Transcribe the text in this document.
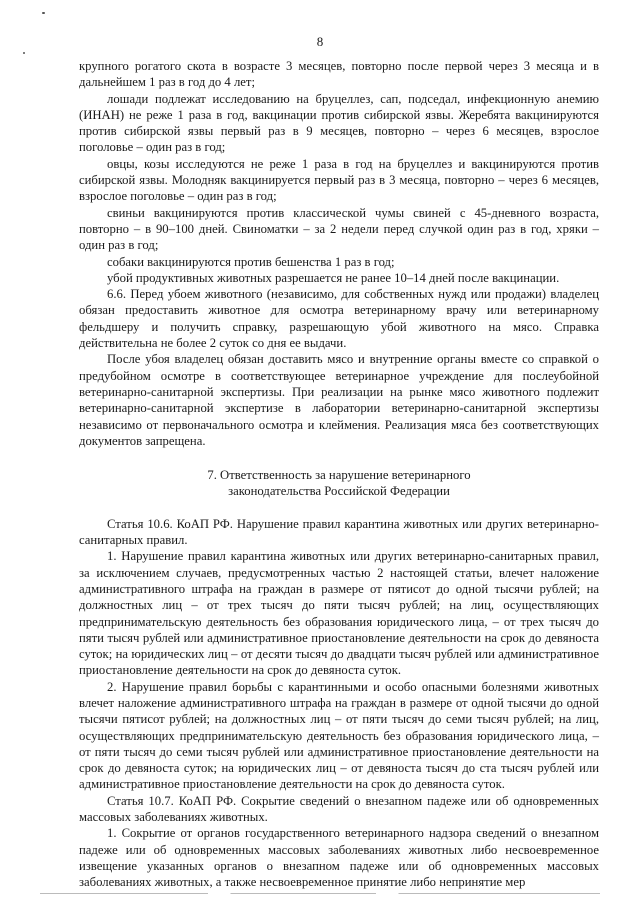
8

крупного рогатого скота в возрасте 3 месяцев, повторно после первой через 3 месяца и в дальнейшем 1 раз в год до 4 лет;

лошади подлежат исследованию на бруцеллез, сап, подседал, инфекционную анемию (ИНАН) не реже 1 раза в год, вакцинации против сибирской язвы. Жеребята вакцинируются против сибирской язвы первый раз в 9 месяцев, повторно – через 6 месяцев, взрослое поголовье – один раз в год;

овцы, козы исследуются не реже 1 раза в год на бруцеллез и вакцинируются против сибирской язвы. Молодняк вакцинируется первый раз в 3 месяца, повторно – через 6 месяцев, взрослое поголовье – один раз в год;

свиньи вакцинируются против классической чумы свиней с 45-дневного возраста, повторно – в 90–100 дней. Свиноматки – за 2 недели перед случкой один раз в год, хряки – один раз в год;

собаки вакцинируются против бешенства 1 раз в год;

убой продуктивных животных разрешается не ранее 10–14 дней после вакцинации.

6.6. Перед убоем животного (независимо, для собственных нужд или продажи) владелец обязан предоставить животное для осмотра ветеринарному врачу или ветеринарному фельдшеру и получить справку, разрешающую убой животного на мясо. Справка действительна не более 2 суток со дня ее выдачи.

После убоя владелец обязан доставить мясо и внутренние органы вместе со справкой о предубойном осмотре в соответствующее ветеринарное учреждение для послеубойной ветеринарно-санитарной экспертизы. При реализации на рынке мясо животного подлежит ветеринарно-санитарной экспертизе в лаборатории ветеринарно-санитарной экспертизы независимо от первоначального осмотра и клеймения. Реализация мяса без соответствующих документов запрещена.

7. Ответственность за нарушение ветеринарного
законодательства Российской Федерации

Статья 10.6. КоАП РФ. Нарушение правил карантина животных или других ветеринарно-санитарных правил.

1. Нарушение правил карантина животных или других ветеринарно-санитарных правил, за исключением случаев, предусмотренных частью 2 настоящей статьи, влечет наложение административного штрафа на граждан в размере от пятисот до одной тысячи рублей; на должностных лиц – от трех тысяч до пяти тысяч рублей; на лиц, осуществляющих предпринимательскую деятельность без образования юридического лица, – от трех тысяч до пяти тысяч рублей или административное приостановление деятельности на срок до девяноста суток; на юридических лиц – от десяти тысяч до двадцати тысяч рублей или административное приостановление деятельности на срок до девяноста суток.

2. Нарушение правил борьбы с карантинными и особо опасными болезнями животных влечет наложение административного штрафа на граждан в размере от одной тысячи до одной тысячи пятисот рублей; на должностных лиц – от пяти тысяч до семи тысяч рублей; на лиц, осуществляющих предпринимательскую деятельность без образования юридического лица, – от пяти тысяч до семи тысяч рублей или административное приостановление деятельности на срок до девяноста суток; на юридических лиц – от девяноста тысяч до ста тысяч рублей или административное приостановление деятельности на срок до девяноста суток.

Статья 10.7. КоАП РФ. Сокрытие сведений о внезапном падеже или об одновременных массовых заболеваниях животных.

1. Сокрытие от органов государственного ветеринарного надзора сведений о внезапном падеже или об одновременных массовых заболеваниях животных либо несвоевременное извещение указанных органов о внезапном падеже или об одновременных массовых заболеваниях животных, а также несвоевременное принятие либо непринятие мер
